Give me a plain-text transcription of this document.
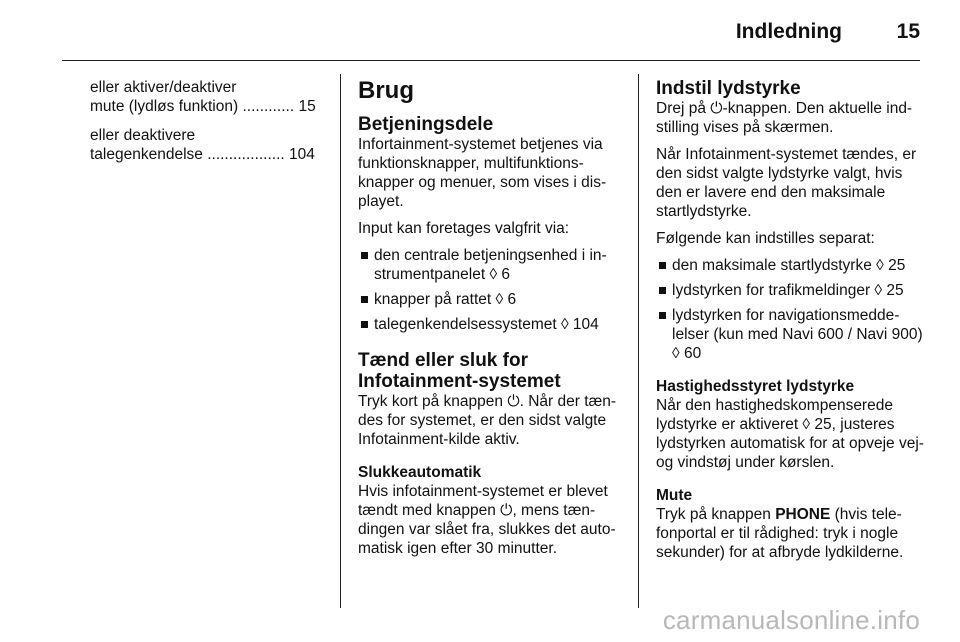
Indledning	15
eller aktiver/deaktiver
mute (lydløs funktion) ............ 15
eller deaktivere
talegenkendelse .................. 104
Brug
Betjeningsdele

Infortainment-systemet betjenes via funktionsknapper, multifunktions-knapper og menuer, som vises i dis-playet.

Input kan foretages valgfrit via:

den centrale betjeningsenhed i in-strumentpanelet ◊ 6
knapper på rattet ◊ 6
talegenkendelsessystemet ◊ 104
Tænd eller sluk for
Infotainment-systemet

Tryk kort på knappen ⏻. Når der tæn-des for systemet, er den sidst valgte Infotainment-kilde aktiv.

Slukkeautomatik

Hvis infotainment-systemet er blevet tændt med knappen ⏻, mens tæn-dingen var slået fra, slukkes det auto-matisk igen efter 30 minutter.

Indstil lydstyrke

Drej på ⏻-knappen. Den aktuelle ind-stilling vises på skærmen.

Når Infotainment-systemet tændes, er den sidst valgte lydstyrke valgt, hvis den er lavere end den maksimale startlydstyrke.

Følgende kan indstilles separat:

den maksimale startlydstyrke ◊ 25
lydstyrken for trafikmeldinger ◊ 25
lydstyrken for navigationsmedde-lelser (kun med Navi 600 / Navi 900) ◊ 60
Hastighedsstyret lydstyrke

Når den hastighedskompenserede lydstyrke er aktiveret ◊ 25, justeres lydstyrken automatisk for at opveje vej- og vindstøj under kørslen.

Mute

Tryk på knappen PHONE (hvis tele-fonportal er til rådighed: tryk i nogle sekunder) for at afbryde lydkilderne.

carmanualsonline.info
